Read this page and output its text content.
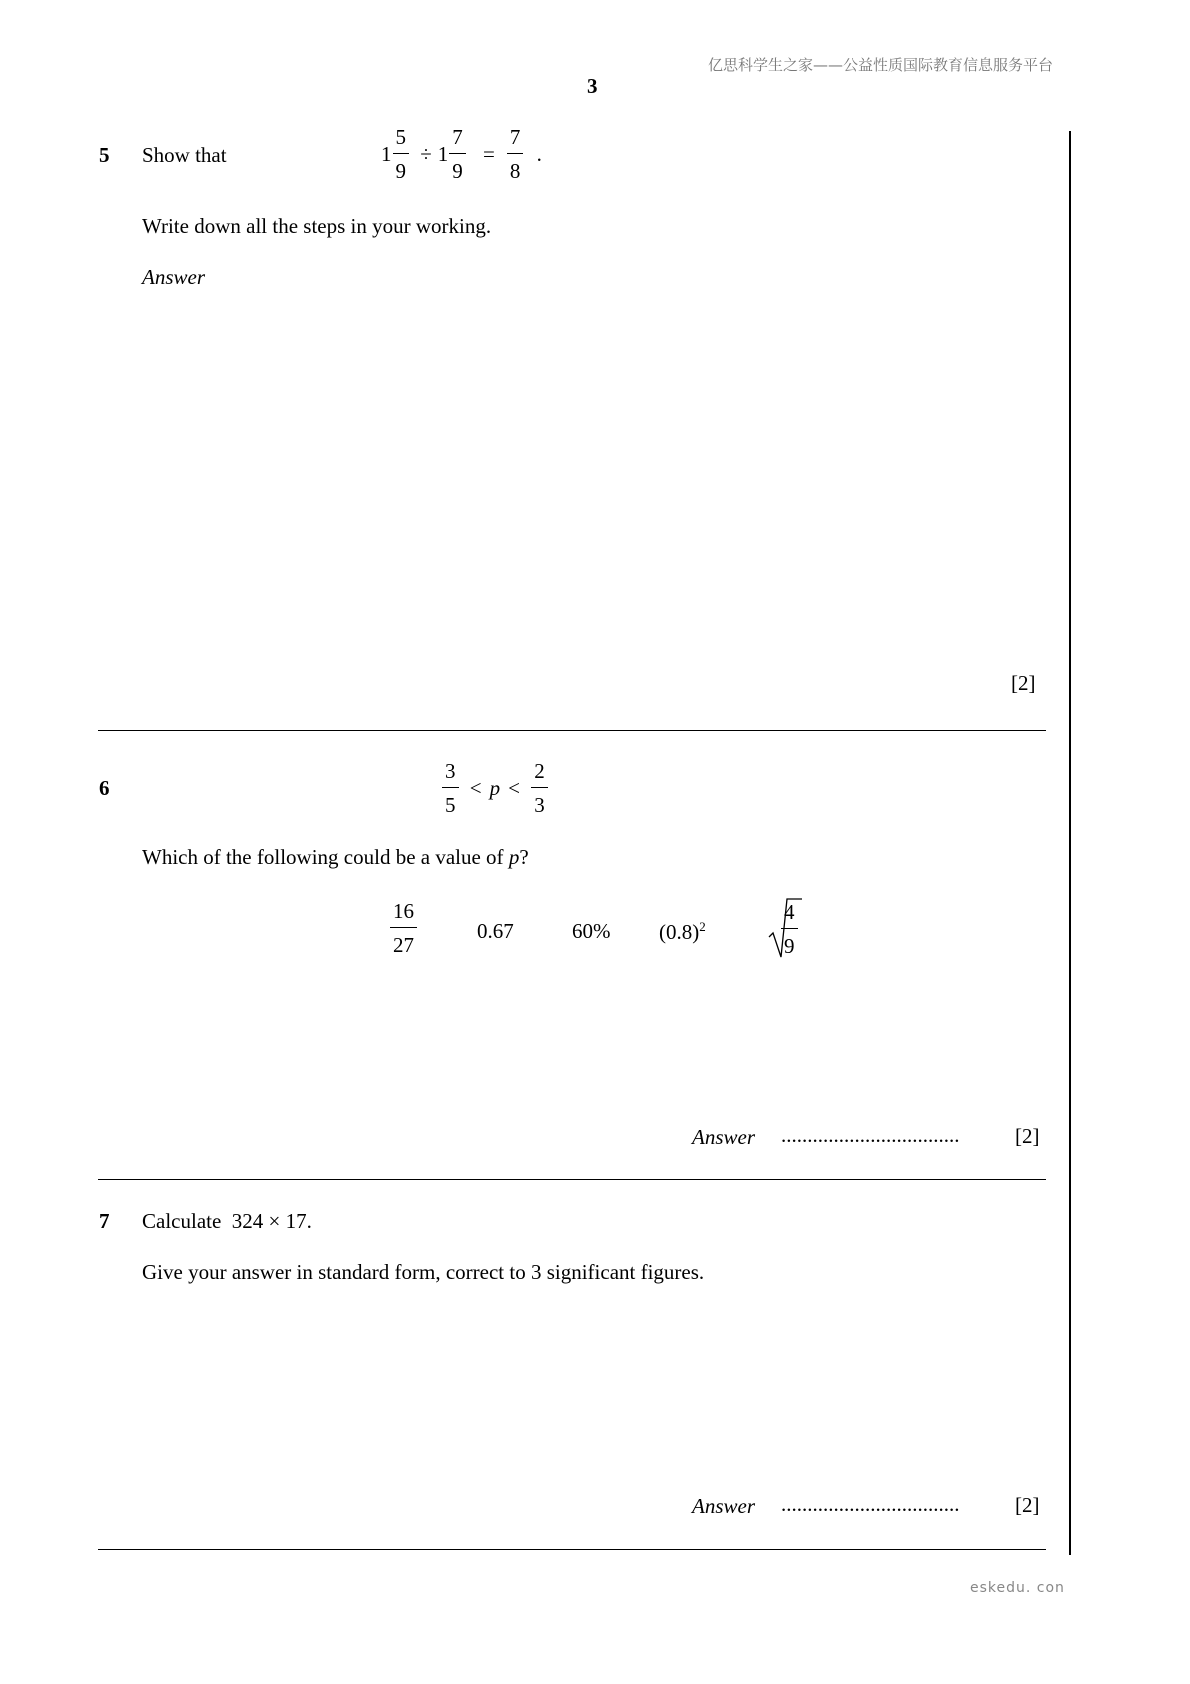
亿思科学生之家——公益性质国际教育信息服务平台
3
5 Show that	$1 \frac{5}{9} \div 1 \frac{7}{9} = \frac{7}{8}$ .
Write down all the steps in your working.
Answer
[2]
6	$\frac{3}{5} < p < \frac{2}{3}$
Which of the following could be a value of p?
$\frac{16}{27}$	0.67	60% $(0.8)^2$	$\frac{4}{9}$
Answer ..................................	[2]
7 Calculate  324 × 17.
Give your answer in standard form, correct to 3 significant figures.
Answer ..................................	[2]
eskedu. con
